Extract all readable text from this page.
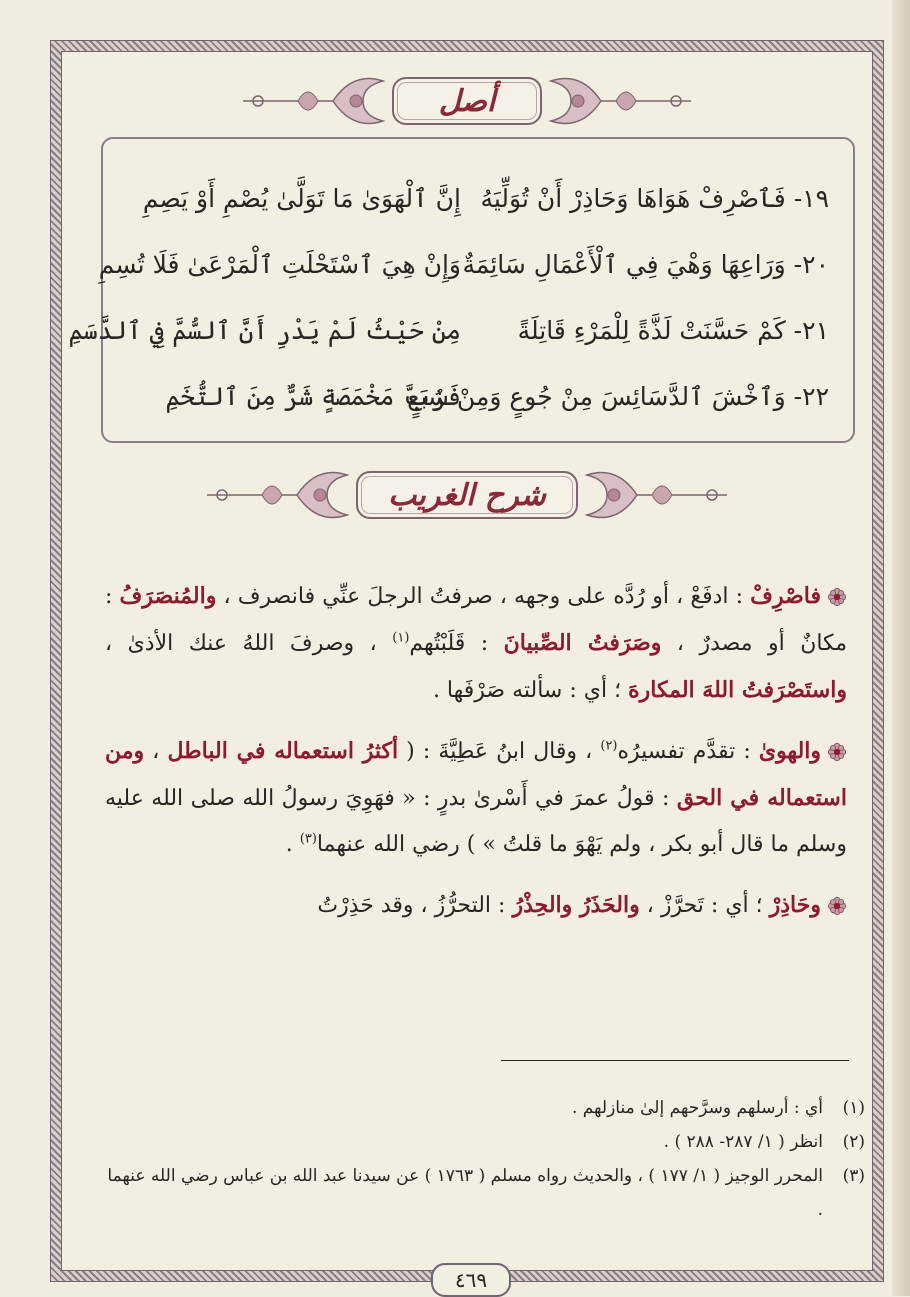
أصل
١٩- فَٱصْرِفْ هَوَاهَا وَحَاذِرْ أَنْ تُوَلِّيَهُ
إِنَّ ٱلْهَوَىٰ مَا تَوَلَّىٰ يُصْمِ أَوْ يَصِمِ
٢٠- وَرَاعِهَا وَهْيَ فِي ٱلْأَعْمَالِ سَائِمَةٌ
وَإِنْ هِيَ ٱسْتَحْلَتِ ٱلْمَرْعَىٰ فَلَا تُسِمِ
٢١- كَمْ حَسَّنَتْ لَذَّةً لِلْمَرْءِ قَاتِلَةً
مِنْ حَيْثُ لَمْ يَدْرِ أَنَّ ٱلسُّمَّ فِي ٱلدَّسَمِ
٢٢- وَٱخْشَ ٱلدَّسَائِسَ مِنْ جُوعٍ وَمِنْ شِبَعٍ
فَرُبَّ مَخْمَصَةٍ شَرٌّ مِنَ ٱلتُّخَمِ
شرح الغريب

فاصْرِفْ : ادفَعْ ، أو رُدَّه على وجهه ، صرفتُ الرجلَ عنِّي فانصرف ، والمُنصَرَفُ : مكانٌ أو مصدرٌ ، وصَرَفتُ الصِّبيانَ : قَلَبْتُهم$^{(١)}$ ، وصرفَ اللهُ عنك الأذىٰ ، واستَصْرَفتُ اللهَ المكارهَ ؛ أي : سألته صَرْفَها .

والهوىٰ : تقدَّم تفسيرُه$^{(٢)}$ ، وقال ابنُ عَطِيَّةَ : ( أكثرُ استعماله في الباطل ، ومن استعماله في الحق : قولُ عمرَ في أَسْرىٰ بدرٍ : « فهَوِيَ رسولُ الله صلى الله عليه وسلم ما قال أبو بكر ، ولم يَهْوَ ما قلتُ » ) رضي الله عنهما$^{(٣)}$ .

وحَاذِرْ ؛ أي : تَحرَّزْ ، والحَذَرُ والحِذْرُ : التحرُّزُ ، وقد حَذِرْتُ

(١)
أي : أرسلهم وسرَّحهم إلىٰ منازلهم .
(٢)
انظر ( ١/ ٢٨٧- ٢٨٨ ) .
(٣)
المحرر الوجيز ( ١/ ١٧٧ ) ، والحديث رواه مسلم ( ١٧٦٣ ) عن سيدنا عبد الله بن عباس رضي الله عنهما .
٤٦٩
